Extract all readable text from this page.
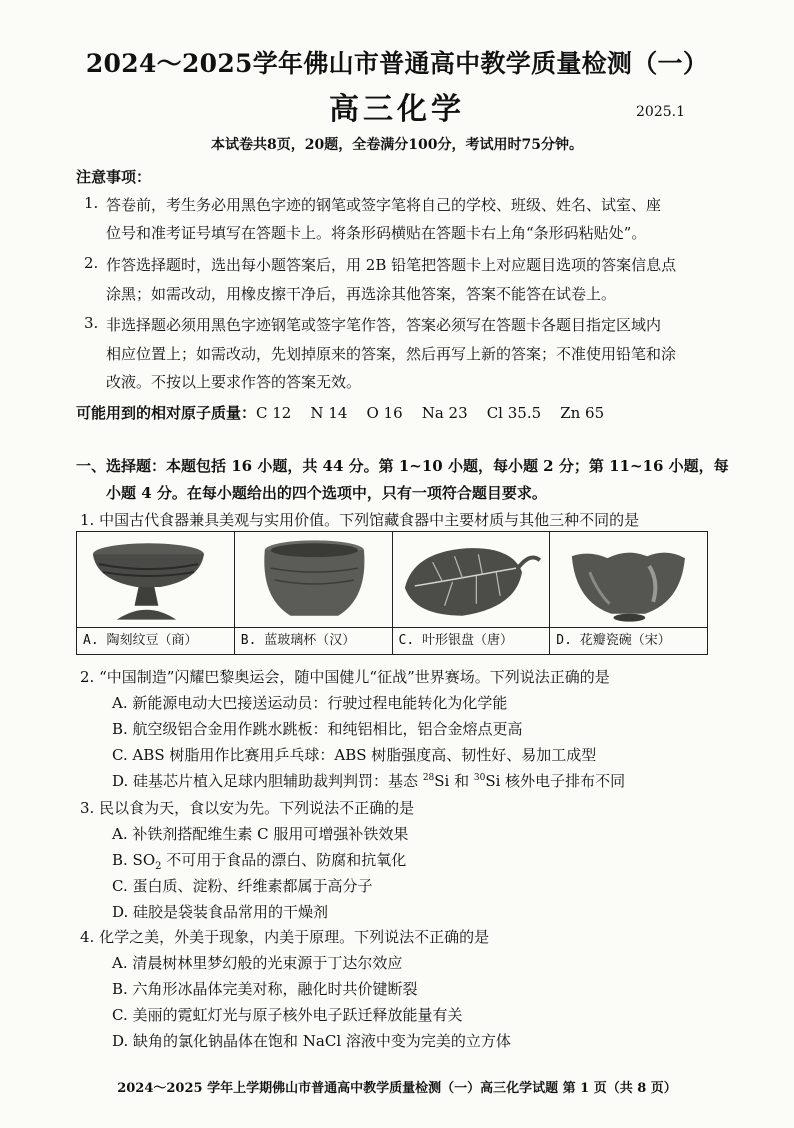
2024～2025学年佛山市普通高中教学质量检测（一）
高三化学	2025.1
本试卷共8页，20题，全卷满分100分，考试用时75分钟。
注意事项：
1. 答卷前，考生务必用黑色字迹的钢笔或签字笔将自己的学校、班级、姓名、试室、座
位号和准考证号填写在答题卡上。将条形码横贴在答题卡右上角“条形码粘贴处”。
2. 作答选择题时，选出每小题答案后，用 2B 铅笔把答题卡上对应题目选项的答案信息点
涂黑；如需改动，用橡皮擦干净后，再选涂其他答案，答案不能答在试卷上。
3. 非选择题必须用黑色字迹钢笔或签字笔作答，答案必须写在答题卡各题目指定区域内
相应位置上；如需改动，先划掉原来的答案，然后再写上新的答案；不准使用铅笔和涂
改液。不按以上要求作答的答案无效。
可能用到的相对原子质量：C 12    N 14    O 16    Na 23    Cl 35.5    Zn 65
一、选择题：本题包括 16 小题，共 44 分。第 1~10 小题，每小题 2 分；第 11~16 小题，每
小题 4 分。在每小题给出的四个选项中，只有一项符合题目要求。
1. 中国古代食器兼具美观与实用价值。下列馆藏食器中主要材质与其他三种不同的是
A. 陶刻纹豆（商）	B. 蓝玻璃杯（汉）	C. 叶形银盘（唐）	D. 花瓣瓷碗（宋）
2. “中国制造”闪耀巴黎奥运会，随中国健儿“征战”世界赛场。下列说法正确的是
A. 新能源电动大巴接送运动员：行驶过程电能转化为化学能
B. 航空级铝合金用作跳水跳板：和纯铝相比，铝合金熔点更高
C. ABS 树脂用作比赛用乒乓球：ABS 树脂强度高、韧性好、易加工成型
D. 硅基芯片植入足球内胆辅助裁判判罚：基态 $^{28}$Si 和 $^{30}$Si 核外电子排布不同
3. 民以食为天，食以安为先。下列说法不正确的是
A. 补铁剂搭配维生素 C 服用可增强补铁效果
B. $SO_2$ 不可用于食品的漂白、防腐和抗氧化
C. 蛋白质、淀粉、纤维素都属于高分子
D. 硅胶是袋装食品常用的干燥剂
4. 化学之美，外美于现象，内美于原理。下列说法不正确的是
A. 清晨树林里梦幻般的光束源于丁达尔效应
B. 六角形冰晶体完美对称，融化时共价键断裂
C. 美丽的霓虹灯光与原子核外电子跃迁释放能量有关
D. 缺角的氯化钠晶体在饱和 NaCl 溶液中变为完美的立方体
2024～2025 学年上学期佛山市普通高中教学质量检测（一）高三化学试题 第 1 页（共 8 页）
